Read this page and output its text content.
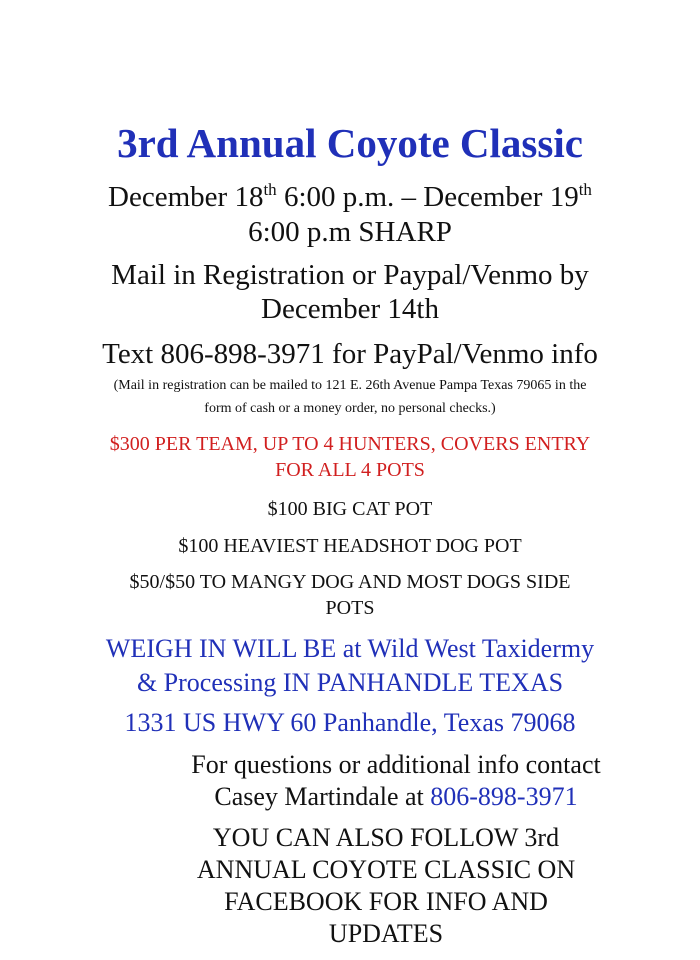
3rd Annual Coyote Classic

December 18th 6:00 p.m. – December 19th

6:00 p.m SHARP

Mail in Registration or Paypal/Venmo by

December 14th

Text 806-898-3971 for PayPal/Venmo info

(Mail in registration can be mailed to 121 E. 26th Avenue Pampa Texas 79065 in the

form of cash or a money order, no personal checks.)

$300 PER TEAM, UP TO 4 HUNTERS, COVERS ENTRY

FOR ALL 4 POTS

$100 BIG CAT POT

$100 HEAVIEST HEADSHOT DOG POT

$50/$50 TO MANGY DOG AND MOST DOGS SIDE

POTS

WEIGH IN WILL BE at Wild West Taxidermy

& Processing IN PANHANDLE TEXAS

1331 US HWY 60 Panhandle, Texas 79068

For questions or additional info contact

Casey Martindale at 806-898-3971

YOU CAN ALSO FOLLOW 3rd

ANNUAL COYOTE CLASSIC ON

FACEBOOK FOR INFO AND

UPDATES
